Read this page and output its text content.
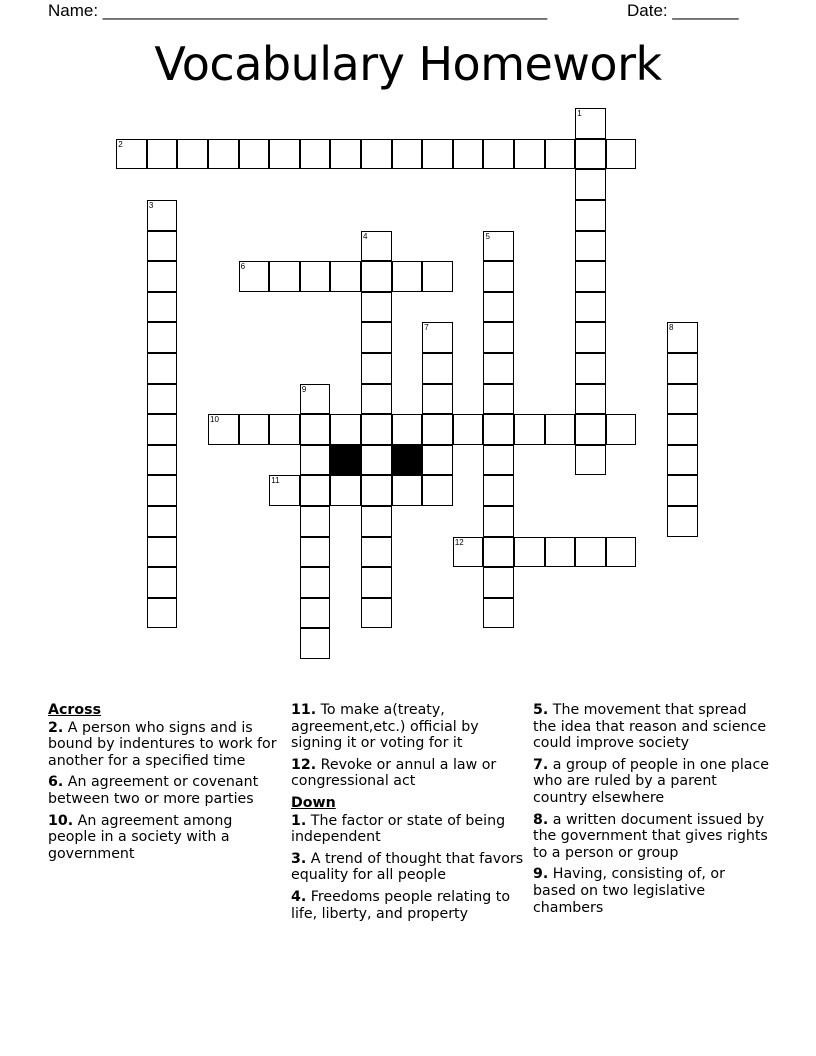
Name: _______________________________________________	Date: _______
Vocabulary Homework
1
2
3
4	5
6
7	8
9
10
11
12
Across
2. A person who signs and is bound by indentures to work for another for a specified time
6. An agreement or covenant between two or more parties
10. An agreement among people in a society with a government
11. To make a(treaty, agreement,etc.) official by signing it or voting for it
12. Revoke or annul a law or congressional act
Down
1. The factor or state of being independent
3. A trend of thought that favors equality for all people
4. Freedoms people relating to life, liberty, and property
5. The movement that spread the idea that reason and science could improve society
7. a group of people in one place who are ruled by a parent country elsewhere
8. a written document issued by the government that gives rights to a person or group
9. Having, consisting of, or based on two legislative chambers
